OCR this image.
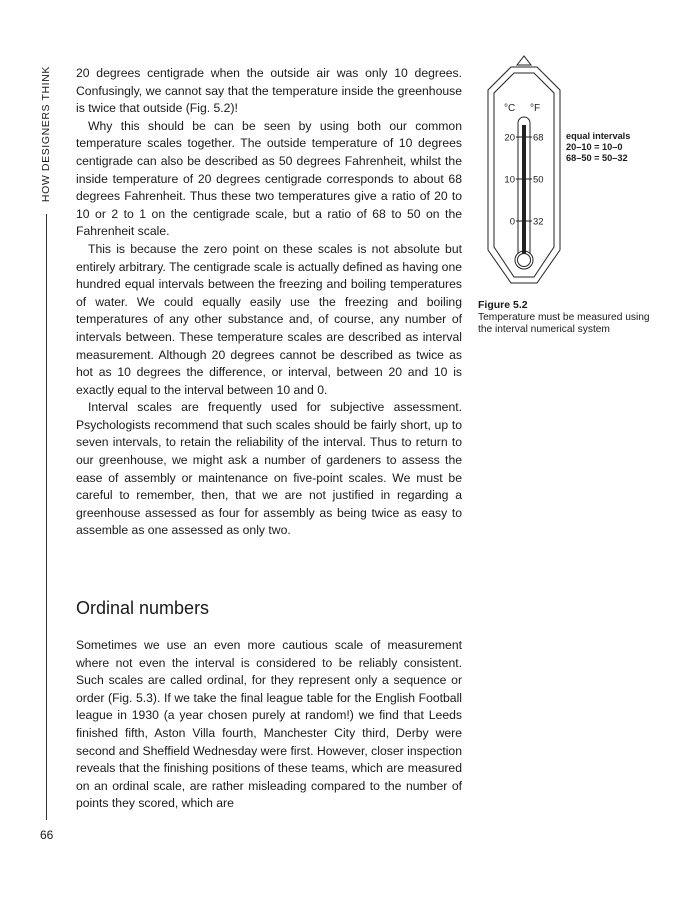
HOW DESIGNERS THINK
66

20 degrees centigrade when the outside air was only 10 degrees. Confusingly, we cannot say that the temperature inside the greenhouse is twice that outside (Fig. 5.2)!

Why this should be can be seen by using both our common temperature scales together. The outside temperature of 10 degrees centigrade can also be described as 50 degrees Fahrenheit, whilst the inside temperature of 20 degrees centigrade corresponds to about 68 degrees Fahrenheit. Thus these two temperatures give a ratio of 20 to 10 or 2 to 1 on the centigrade scale, but a ratio of 68 to 50 on the Fahrenheit scale.

This is because the zero point on these scales is not absolute but entirely arbitrary. The centigrade scale is actually defined as having one hundred equal intervals between the freezing and boiling temperatures of water. We could equally easily use the freezing and boiling temperatures of any other substance and, of course, any number of intervals between. These temperature scales are described as interval measurement. Although 20 degrees cannot be described as twice as hot as 10 degrees the difference, or interval, between 20 and 10 is exactly equal to the interval between 10 and 0.

Interval scales are frequently used for subjective assessment. Psychologists recommend that such scales should be fairly short, up to seven intervals, to retain the reliability of the interval. Thus to return to our greenhouse, we might ask a number of gardeners to assess the ease of assembly or maintenance on five-point scales. We must be careful to remember, then, that we are not justified in regarding a greenhouse assessed as four for assembly as being twice as easy to assemble as one assessed as only two.

Ordinal numbers

Sometimes we use an even more cautious scale of measurement where not even the interval is considered to be reliably consistent. Such scales are called ordinal, for they represent only a sequence or order (Fig. 5.3). If we take the final league table for the English Football league in 1930 (a year chosen purely at random!) we find that Leeds finished fifth, Aston Villa fourth, Manchester City third, Derby were second and Sheffield Wednesday were first. However, closer inspection reveals that the finishing positions of these teams, which are measured on an ordinal scale, are rather misleading compared to the number of points they scored, which are

°C °F
20
10
0
68
50
32
equal intervals
20–10 = 10–0
68–50 = 50–32
Figure 5.2
Temperature must be measured using the interval numerical system
